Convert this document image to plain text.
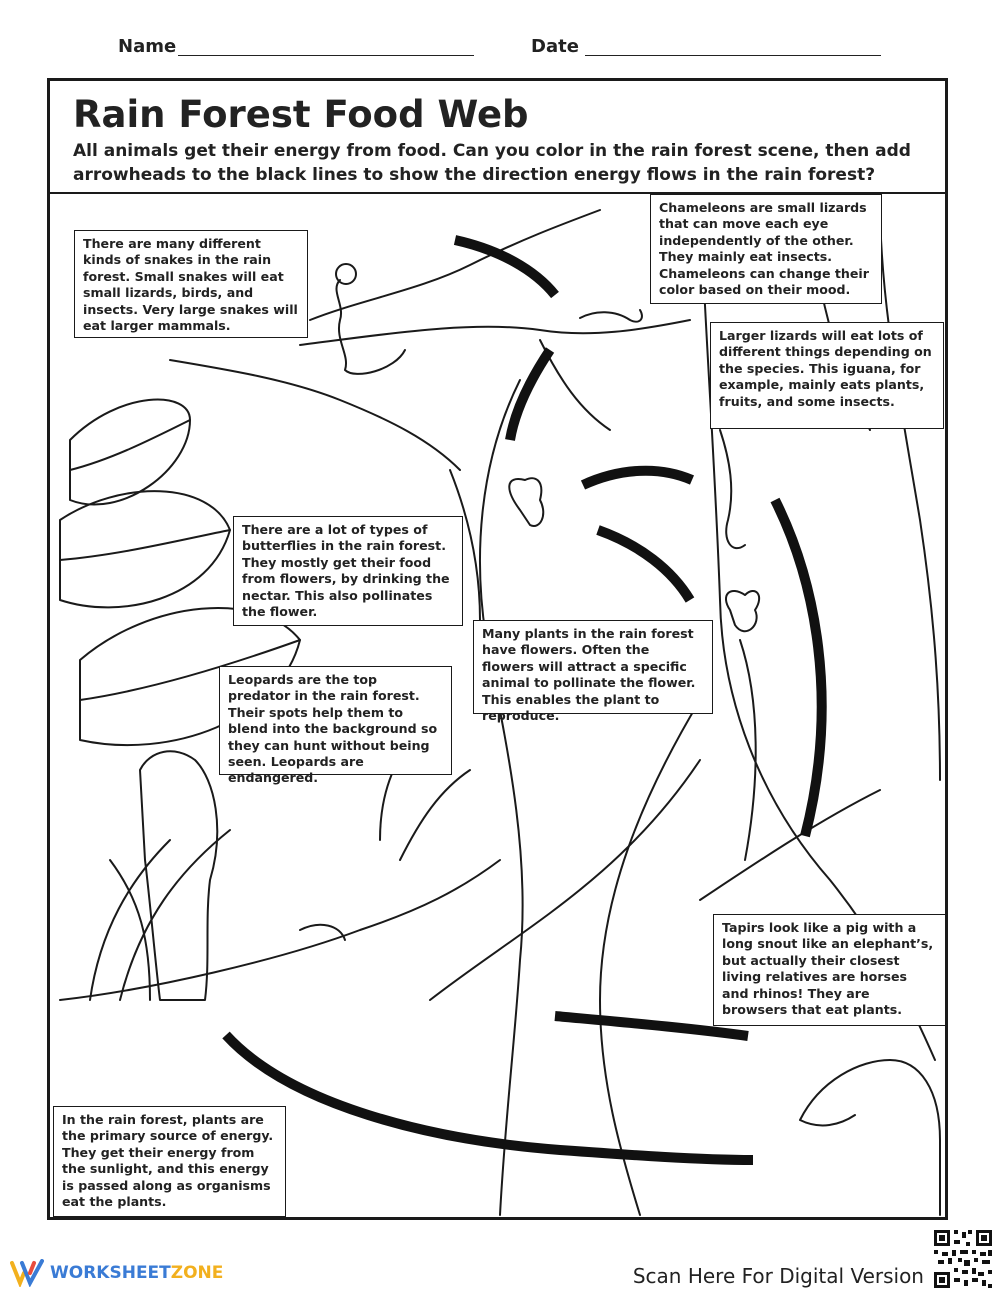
Name	Date
Rain Forest Food Web
All animals get their energy from food. Can you color in the rain forest scene, then add arrowheads to the black lines to show the direction energy flows in the rain forest?
There are many different kinds of snakes in the rain forest. Small snakes will eat small lizards, birds, and insects. Very large snakes will eat larger mammals.
Chameleons are small lizards that can move each eye independently of the other. They mainly eat insects. Chameleons can change their color based on their mood.
Larger lizards will eat lots of different things depending on the species. This iguana, for example, mainly eats plants, fruits, and some insects.
There are a lot of types of butterflies in the rain forest. They mostly get their food from flowers, by drinking the nectar. This also pollinates the flower.
Many plants in the rain forest have flowers. Often the flowers will attract a specific animal to pollinate the flower. This enables the plant to reproduce.
Leopards are the top predator in the rain forest. Their spots help them to blend into the background so they can hunt without being seen. Leopards are endangered.
Tapirs look like a pig with a long snout like an elephant’s, but actually their closest living relatives are horses and rhinos! They are browsers that eat plants.
In the rain forest, plants are the primary source of energy. They get their energy from the sunlight, and this energy is passed along as organisms eat the plants.
WORKSHEETZONE	Scan Here For Digital Version
